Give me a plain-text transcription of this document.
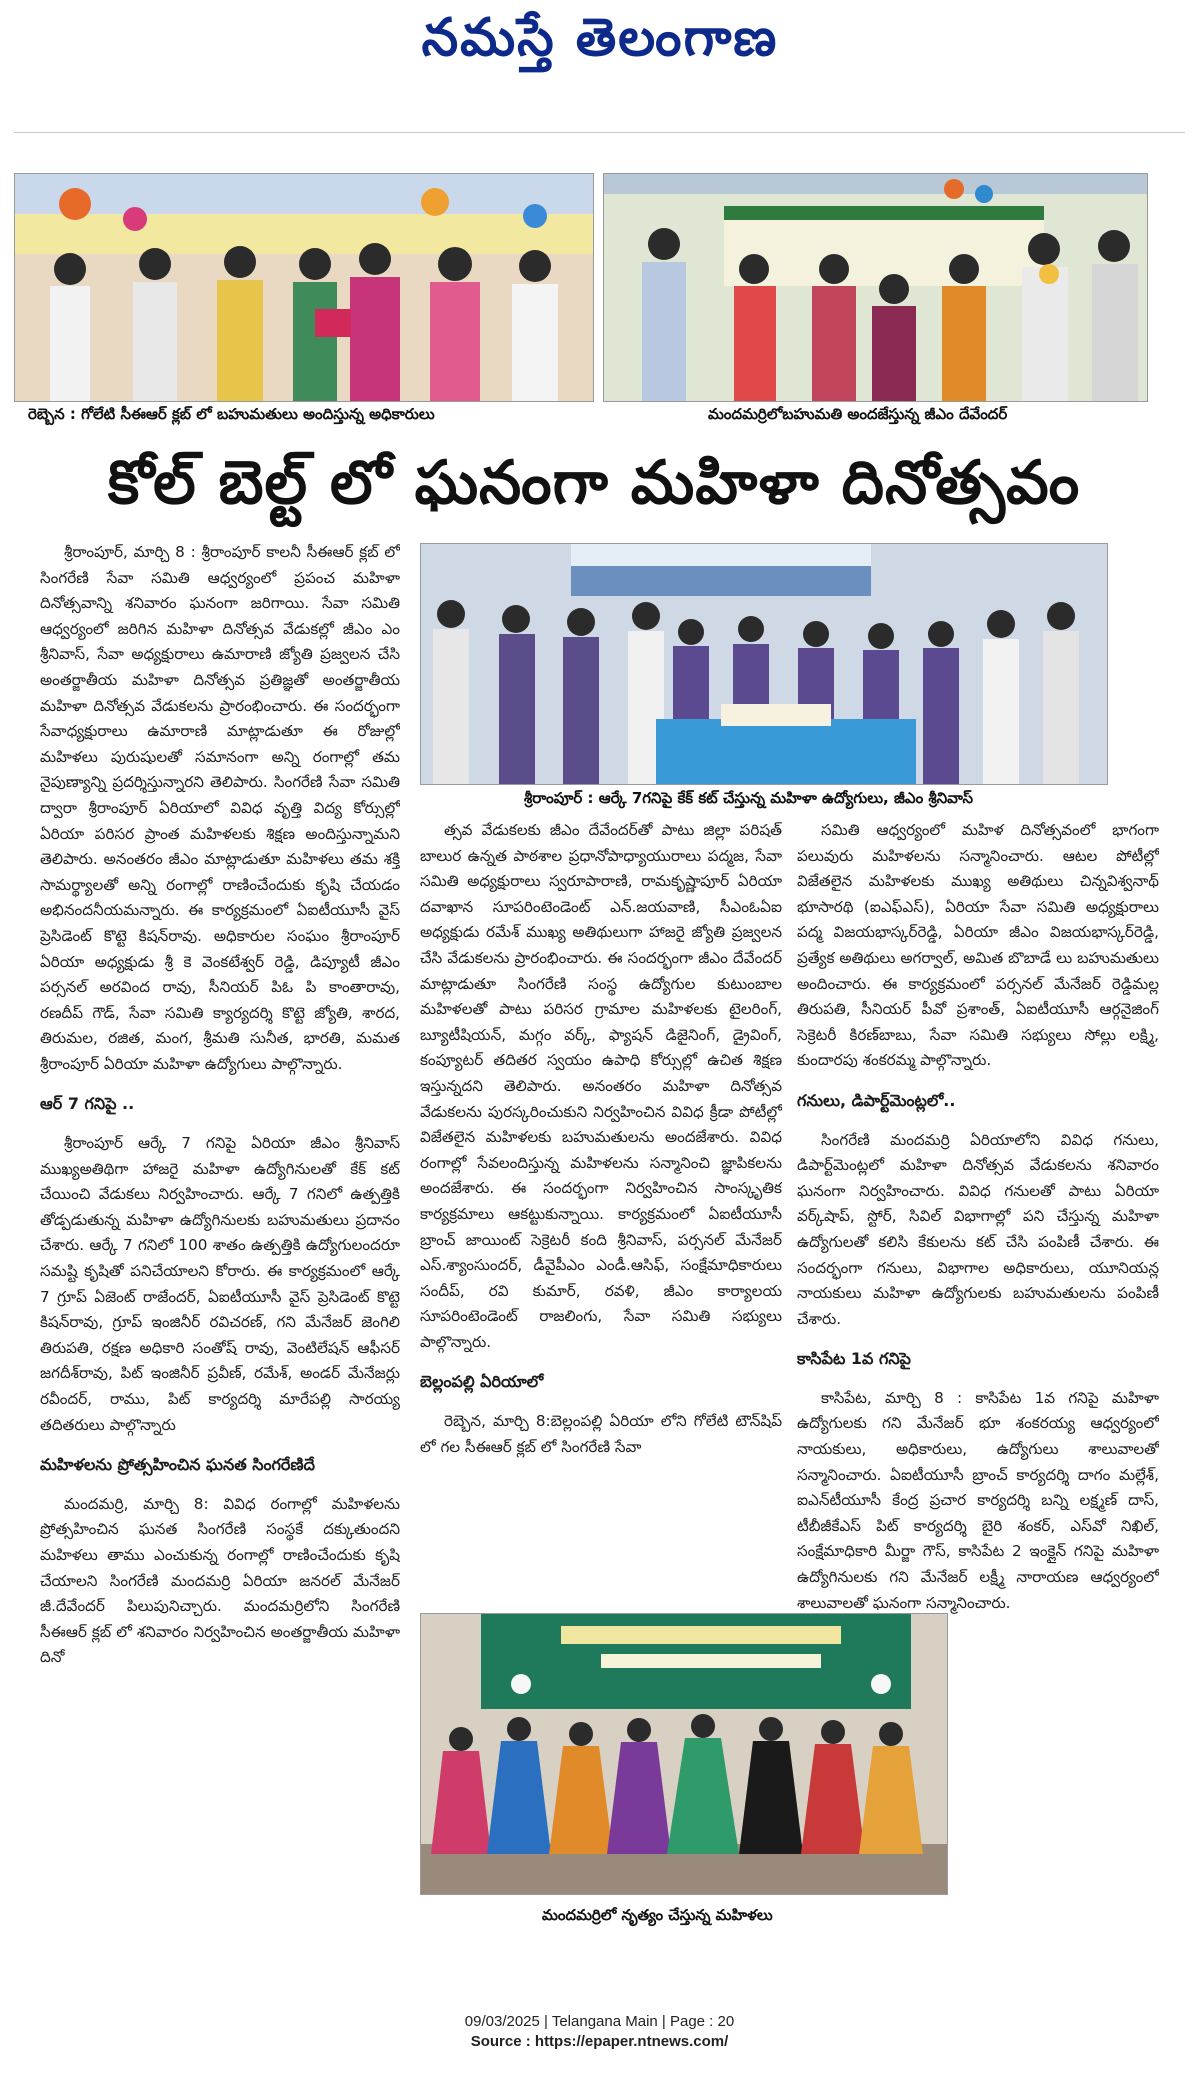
నమస్తే తెలంగాణ
రెబ్బెన : గోలేటి సీఈఆర్ క్లబ్ లో బహుమతులు అందిస్తున్న అధికారులు	మందమర్రిలోబహుమతి అందజేస్తున్న జీఎం దేవేందర్
కోల్ బెల్ట్ లో ఘనంగా మహిళా దినోత్సవం
శ్రీరాంపూర్ : ఆర్కే 7గనిపై కేక్ కట్ చేస్తున్న మహిళా ఉద్యోగులు, జీఎం శ్రీనివాస్
మందమర్రిలో నృత్యం చేస్తున్న మహిళలు

శ్రీరాంపూర్, మార్చి 8 : శ్రీరాంపూర్ కాలనీ సీఈఆర్ క్లబ్ లో సింగరేణి సేవా సమితి ఆధ్వర్యంలో ప్రపంచ మహిళా దినోత్సవాన్ని శనివారం ఘనంగా జరిగాయి. సేవా సమితి ఆధ్వర్యంలో జరిగిన మహిళా దినోత్సవ వేడుకల్లో జీఎం ఎం శ్రీనివాస్, సేవా అధ్యక్షురాలు ఉమారాణి జ్యోతి ప్రజ్వలన చేసి అంతర్జాతీయ మహిళా దినోత్సవ ప్రతిజ్ఞతో అంతర్జాతీయ మహిళా దినోత్సవ వేడుకలను ప్రారంభించారు. ఈ సందర్భంగా సేవాధ్యక్షురాలు ఉమారాణి మాట్లాడుతూ ఈ రోజుల్లో మహిళలు పురుషులతో సమానంగా అన్ని రంగాల్లో తమ నైపుణ్యాన్ని ప్రదర్శిస్తున్నారని తెలిపారు. సింగరేణి సేవా సమితి ద్వారా శ్రీరాంపూర్ ఏరియాలో వివిధ వృత్తి విద్య కోర్సుల్లో ఏరియా పరిసర ప్రాంత మహిళలకు శిక్షణ అందిస్తున్నామని తెలిపారు. అనంతరం జీఎం మాట్లాడుతూ మహిళలు తమ శక్తి సామర్థ్యాలతో అన్ని రంగాల్లో రాణించేందుకు కృషి చేయడం అభినందనీయమన్నారు. ఈ కార్యక్రమంలో ఏఐటీయూసీ వైస్ ప్రెసిడెంట్ కొట్టె కిషన్‌రావు. అధికారుల సంఘం శ్రీరాంపూర్ ఏరియా అధ్యక్షుడు శ్రీ కె వెంకటేశ్వర్ రెడ్డి, డిప్యూటీ జీఎం పర్సనల్ అరవింద రావు, సీనియర్ పిఓ పి కాంతారావు, రణదీప్ గౌడ్, సేవా సమితి క్యార్యదర్శి కొట్టె జ్యోతి, శారద, తిరుమల, రజిత, మంగ, శ్రీమతి సునీత, భారతి, మమత శ్రీరాంపూర్ ఏరియా మహిళా ఉద్యోగులు పాల్గొన్నారు.

ఆర్ 7 గనిపై ..

శ్రీరాంపూర్ ఆర్కే 7 గనిపై ఏరియా జీఎం శ్రీనివాస్ ముఖ్యఅతిథిగా హాజరై మహిళా ఉద్యోగినులతో కేక్ కట్ చేయించి వేడుకలు నిర్వహించారు. ఆర్కే 7 గనిలో ఉత్పత్తికి తోడ్పడుతున్న మహిళా ఉద్యోగినులకు బహుమతులు ప్రదానం చేశారు. ఆర్కే 7 గనిలో 100 శాతం ఉత్పత్తికి ఉద్యోగులందరూ సమష్టి కృషితో పనిచేయాలని కోరారు. ఈ కార్యక్రమంలో ఆర్కే 7 గ్రూప్ ఏజెంట్ రాజేందర్, ఏఐటీయూసీ వైస్ ప్రెసిడెంట్ కొట్టె కిషన్‌రావు, గ్రూప్ ఇంజినీర్ రవిచరణ్, గని మేనేజర్ జెంగిలి తిరుపతి, రక్షణ అధికారి సంతోష్ రావు, వెంటిలేషన్ ఆఫీసర్ జగదీశ్‌రావు, పిట్ ఇంజినీర్ ప్రవీణ్, రమేశ్, అండర్ మేనేజర్లు రవీందర్, రాము, పిట్ కార్యదర్శి మారేపల్లి సారయ్య తదితరులు పాల్గొన్నారు

మహిళలను ప్రోత్సహించిన ఘనత సింగరేణిదే

మందమర్రి, మార్చి 8: వివిధ రంగాల్లో మహిళలను ప్రోత్సహించిన ఘనత సింగరేణి సంస్థకే దక్కుతుందని మహిళలు తాము ఎంచుకున్న రంగాల్లో రాణించేందుకు కృషి చేయాలని సింగరేణి మందమర్రి ఏరియా జనరల్ మేనేజర్ జీ.దేవేందర్ పిలుపునిచ్చారు. మందమర్రిలోని సింగరేణి సీఈఆర్ క్లబ్ లో శనివారం నిర్వహించిన అంతర్జాతీయ మహిళా దినో

త్సవ వేడుకలకు జీఎం దేవేందర్‌తో పాటు జిల్లా పరిషత్ బాలుర ఉన్నత పాఠశాల ప్రధానోపాధ్యాయురాలు పద్మజ, సేవా సమితి అధ్యక్షురాలు స్వరూపారాణి, రామకృష్ణాపూర్ ఏరియా దవాఖాన సూపరింటెండెంట్ ఎన్.జయవాణి, సీఎంఓఏఐ అధ్యక్షుడు రమేశ్ ముఖ్య అతిథులుగా హాజరై జ్యోతి ప్రజ్వలన చేసి వేడుకలను ప్రారంభించారు. ఈ సందర్భంగా జీఎం దేవేందర్ మాట్లాడుతూ సింగరేణి సంస్థ ఉద్యోగుల కుటుంబాల మహిళలతో పాటు పరిసర గ్రామాల మహిళలకు టైలరింగ్, బ్యూటీషియన్, మగ్గం వర్క్, ఫ్యాషన్ డిజైనింగ్, డ్రైవింగ్, కంప్యూటర్ తదితర స్వయం ఉపాధి కోర్సుల్లో ఉచిత శిక్షణ ఇస్తున్నదని తెలిపారు. అనంతరం మహిళా దినోత్సవ వేడుకలను పురస్కరించుకుని నిర్వహించిన వివిధ క్రీడా పోటీల్లో విజేతలైన మహిళలకు బహుమతులను అందజేశారు. వివిధ రంగాల్లో సేవలందిస్తున్న మహిళలను సన్మానించి జ్ఞాపికలను అందజేశారు. ఈ సందర్భంగా నిర్వహించిన సాంస్కృతిక కార్యక్రమాలు ఆకట్టుకున్నాయి. కార్యక్రమంలో ఏఐటీయూసీ బ్రాంచ్ జాయింట్ సెక్రెటరీ కంది శ్రీనివాస్, పర్సనల్ మేనేజర్ ఎస్.శ్యాంసుందర్, డీవైపీఎం ఎండీ.ఆసిఫ్, సంక్షేమాధికారులు సందీప్, రవి కుమార్, రవళి, జీఎం కార్యాలయ సూపరింటెండెంట్ రాజలింగు, సేవా సమితి సభ్యులు పాల్గొన్నారు.

బెల్లంపల్లి ఏరియాలో

రెబ్బెన, మార్చి 8:బెల్లంపల్లి ఏరియా లోని గోలేటి టౌన్‌షిప్ లో గల సీఈఆర్ క్లబ్ లో సింగరేణి సేవా

సమితి ఆధ్వర్యంలో మహిళ దినోత్సవంలో భాగంగా పలువురు మహిళలను సన్మానించారు. ఆటల పోటీల్లో విజేతలైన మహిళలకు ముఖ్య అతిథులు చిన్నవిశ్వనాథ్ భూసారథి (ఐఎఫ్ఎస్), ఏరియా సేవా సమితి అధ్యక్షురాలు పద్మ విజయభాస్కర్‌రెడ్డి, ఏరియా జీఎం విజయభాస్కర్‌రెడ్డి, ప్రత్యేక అతిథులు అగర్వాల్, అమిత బొబాడే లు బహుమతులు అందించారు. ఈ కార్యక్రమంలో పర్సనల్ మేనేజర్ రెడ్డిమల్ల తిరుపతి, సీనియర్ పీవో ప్రశాంత్, ఏఐటీయూసీ ఆర్గనైజింగ్ సెక్రెటరీ కిరణ్‌బాబు, సేవా సమితి సభ్యులు సోల్లు లక్ష్మి, కుందారపు శంకరమ్మ పాల్గొన్నారు.

గనులు, డిపార్ట్‌మెంట్లలో..

సింగరేణి మందమర్రి ఏరియాలోని వివిధ గనులు, డిపార్ట్‌మెంట్లలో మహిళా దినోత్సవ వేడుకలను శనివారం ఘనంగా నిర్వహించారు. వివిధ గనులతో పాటు ఏరియా వర్క్‌షాప్, స్టోర్, సివిల్ విభాగాల్లో పని చేస్తున్న మహిళా ఉద్యోగులతో కలిసి కేకులను కట్ చేసి పంపిణీ చేశారు. ఈ సందర్భంగా గనులు, విభాగాల అధికారులు, యూనియన్ల నాయకులు మహిళా ఉద్యోగులకు బహుమతులను పంపిణీ చేశారు.

కాసిపేట 1వ గనిపై

కాసిపేట, మార్చి 8 : కాసిపేట 1వ గనిపై మహిళా ఉద్యోగులకు గని మేనేజర్ భూ శంకరయ్య ఆధ్వర్యంలో నాయకులు, అధికారులు, ఉద్యోగులు శాలువాలతో సన్మానించారు. ఏఐటీయూసీ బ్రాంచ్ కార్యదర్శి దాగం మల్లేశ్, ఐఎన్‌టీయూసీ కేంద్ర ప్రచార కార్యదర్శి బన్ని లక్ష్మణ్ దాస్, టీబీజీకేఎస్ పిట్ కార్యదర్శి బైరి శంకర్, ఎస్‌వో నిఖిల్, సంక్షేమాధికారి మీర్జా గౌస్, కాసిపేట 2 ఇంక్లైన్ గనిపై మహిళా ఉద్యోగినులకు గని మేనేజర్ లక్ష్మీ నారాయణ ఆధ్వర్యంలో శాలువాలతో ఘనంగా సన్మానించారు.

09/03/2025 | Telangana Main | Page : 20
Source : https://epaper.ntnews.com/
